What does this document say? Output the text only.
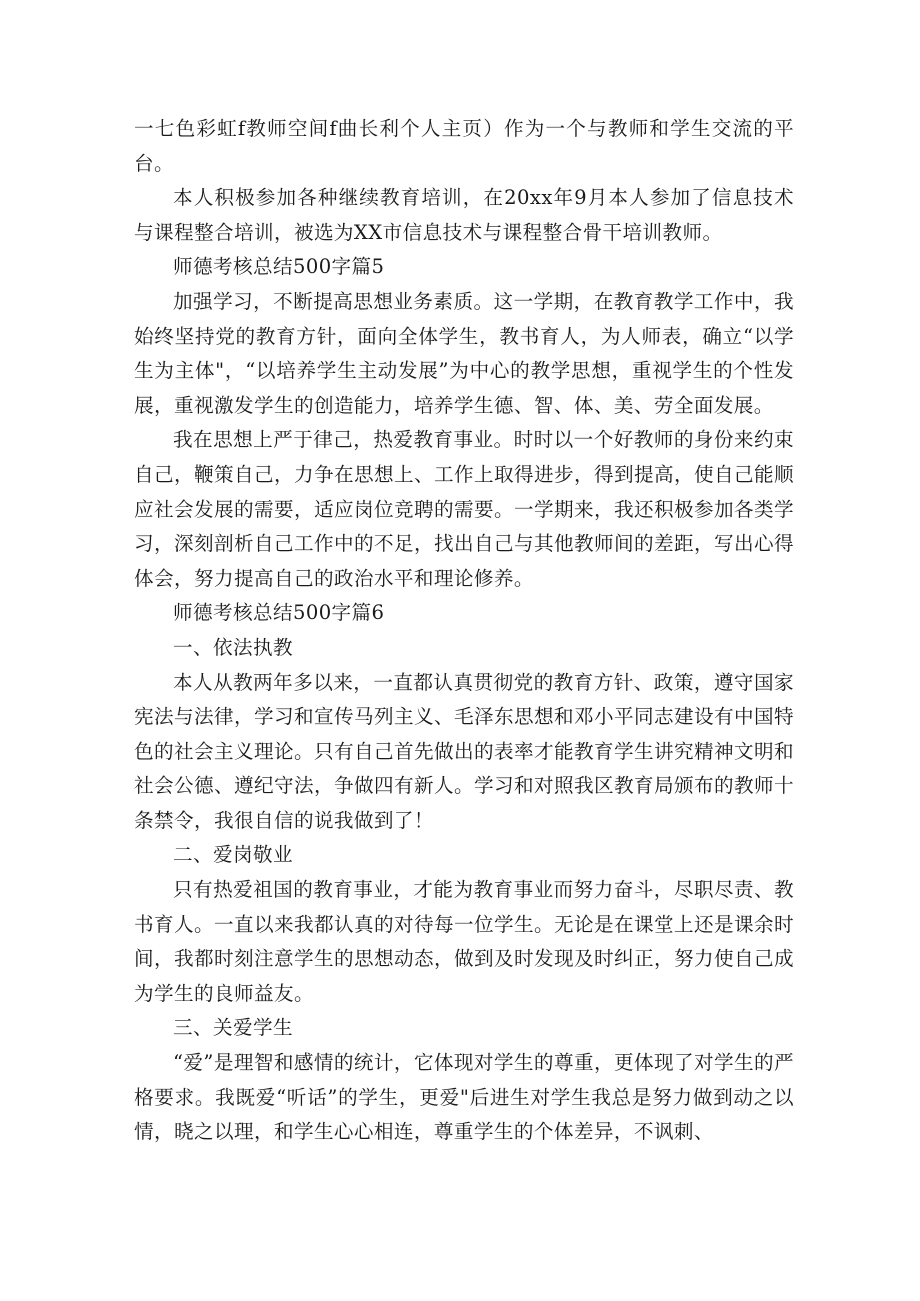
一七色彩虹f教师空间f曲长利个人主页）作为一个与教师和学生交流的平台。

本人积极参加各种继续教育培训，在20xx年9月本人参加了信息技术与课程整合培训，被选为XX市信息技术与课程整合骨干培训教师。

师德考核总结500字篇5

加强学习，不断提高思想业务素质。这一学期，在教育教学工作中，我始终坚持党的教育方针，面向全体学生，教书育人，为人师表，确立“以学生为主体"，“以培养学生主动发展”为中心的教学思想，重视学生的个性发展，重视激发学生的创造能力，培养学生德、智、体、美、劳全面发展。

我在思想上严于律己，热爱教育事业。时时以一个好教师的身份来约束自己，鞭策自己，力争在思想上、工作上取得进步，得到提高，使自己能顺应社会发展的需要，适应岗位竞聘的需要。一学期来，我还积极参加各类学习，深刻剖析自己工作中的不足，找出自己与其他教师间的差距，写出心得体会，努力提高自己的政治水平和理论修养。

师德考核总结500字篇6

一、依法执教

本人从教两年多以来，一直都认真贯彻党的教育方针、政策，遵守国家宪法与法律，学习和宣传马列主义、毛泽东思想和邓小平同志建设有中国特色的社会主义理论。只有自己首先做出的表率才能教育学生讲究精神文明和社会公德、遵纪守法，争做四有新人。学习和对照我区教育局颁布的教师十条禁令，我很自信的说我做到了！

二、爱岗敬业

只有热爱祖国的教育事业，才能为教育事业而努力奋斗，尽职尽责、教书育人。一直以来我都认真的对待每一位学生。无论是在课堂上还是课余时间，我都时刻注意学生的思想动态，做到及时发现及时纠正，努力使自己成为学生的良师益友。

三、关爱学生

“爱”是理智和感情的统计，它体现对学生的尊重，更体现了对学生的严格要求。我既爱“听话”的学生，更爱"后进生对学生我总是努力做到动之以情，晓之以理，和学生心心相连，尊重学生的个体差异，不讽刺、
